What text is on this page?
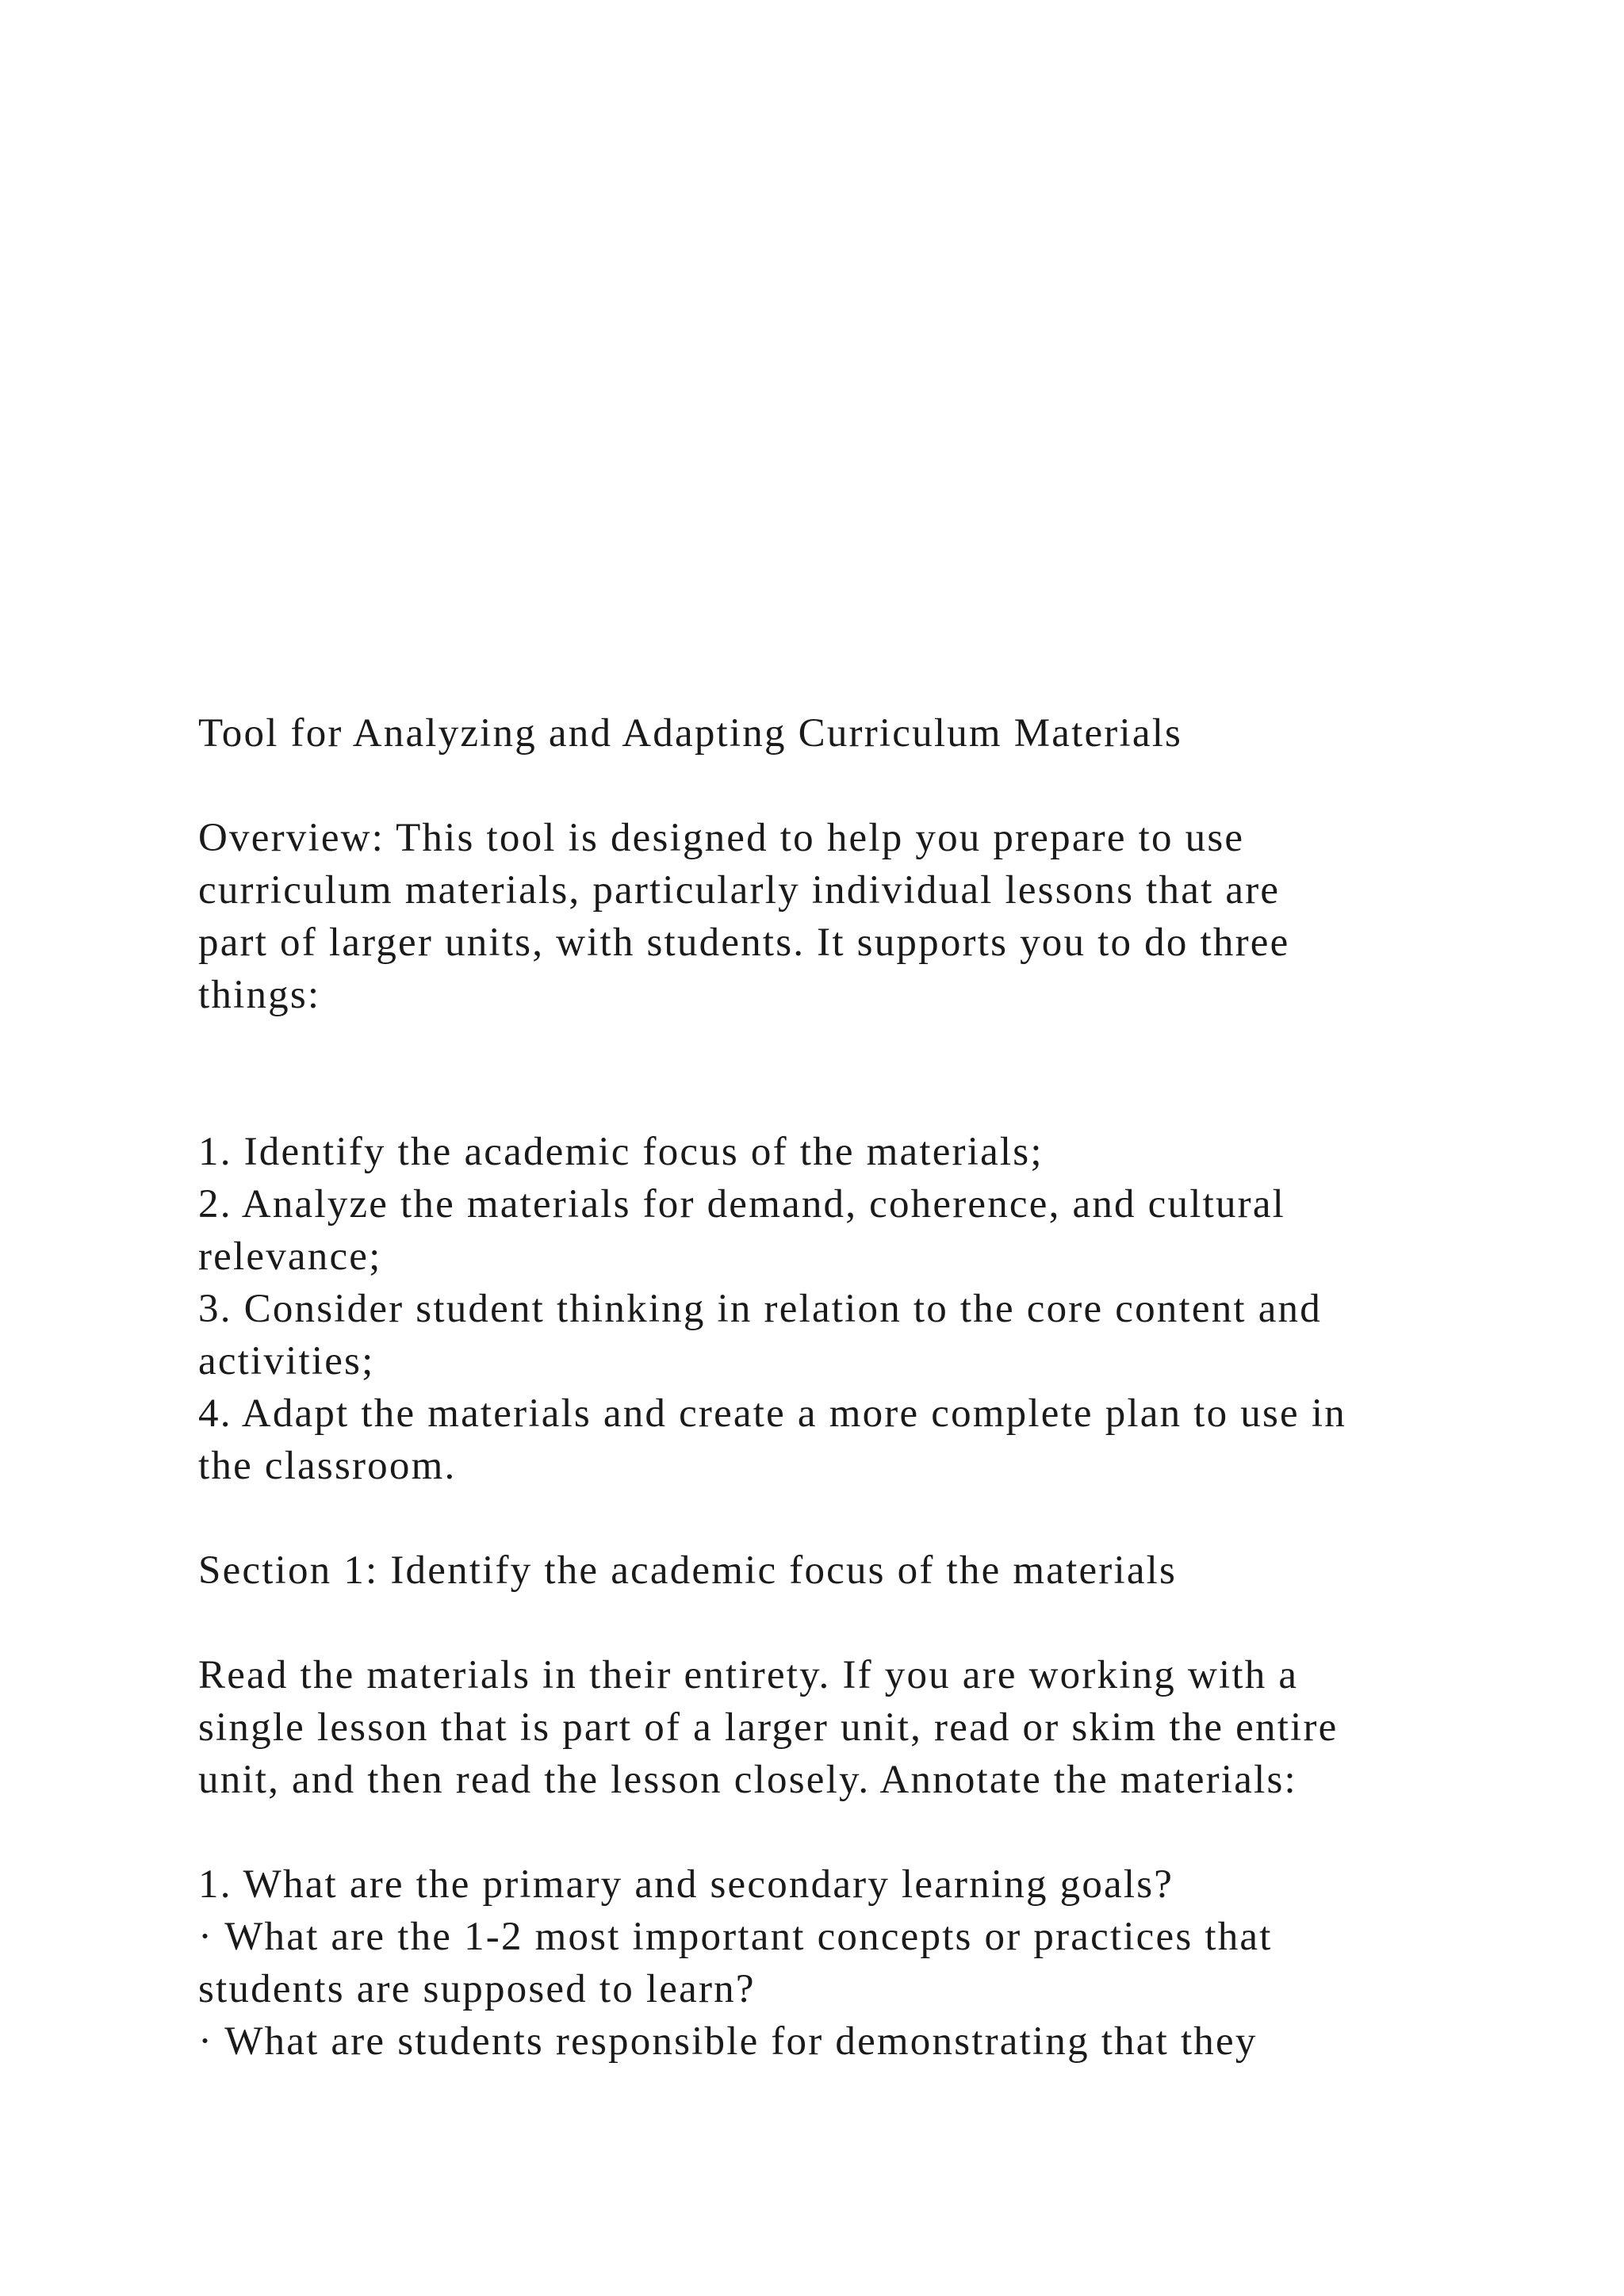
Tool for Analyzing and Adapting Curriculum Materials
Overview: This tool is designed to help you prepare to use
curriculum materials, particularly individual lessons that are
part of larger units, with students. It supports you to do three
things:
1. Identify the academic focus of the materials;
2. Analyze the materials for demand, coherence, and cultural
relevance;
3. Consider student thinking in relation to the core content and
activities;
4. Adapt the materials and create a more complete plan to use in
the classroom.
Section 1: Identify the academic focus of the materials
Read the materials in their entirety. If you are working with a
single lesson that is part of a larger unit, read or skim the entire
unit, and then read the lesson closely. Annotate the materials:
1. What are the primary and secondary learning goals?
· What are the 1-2 most important concepts or practices that
students are supposed to learn?
· What are students responsible for demonstrating that they
